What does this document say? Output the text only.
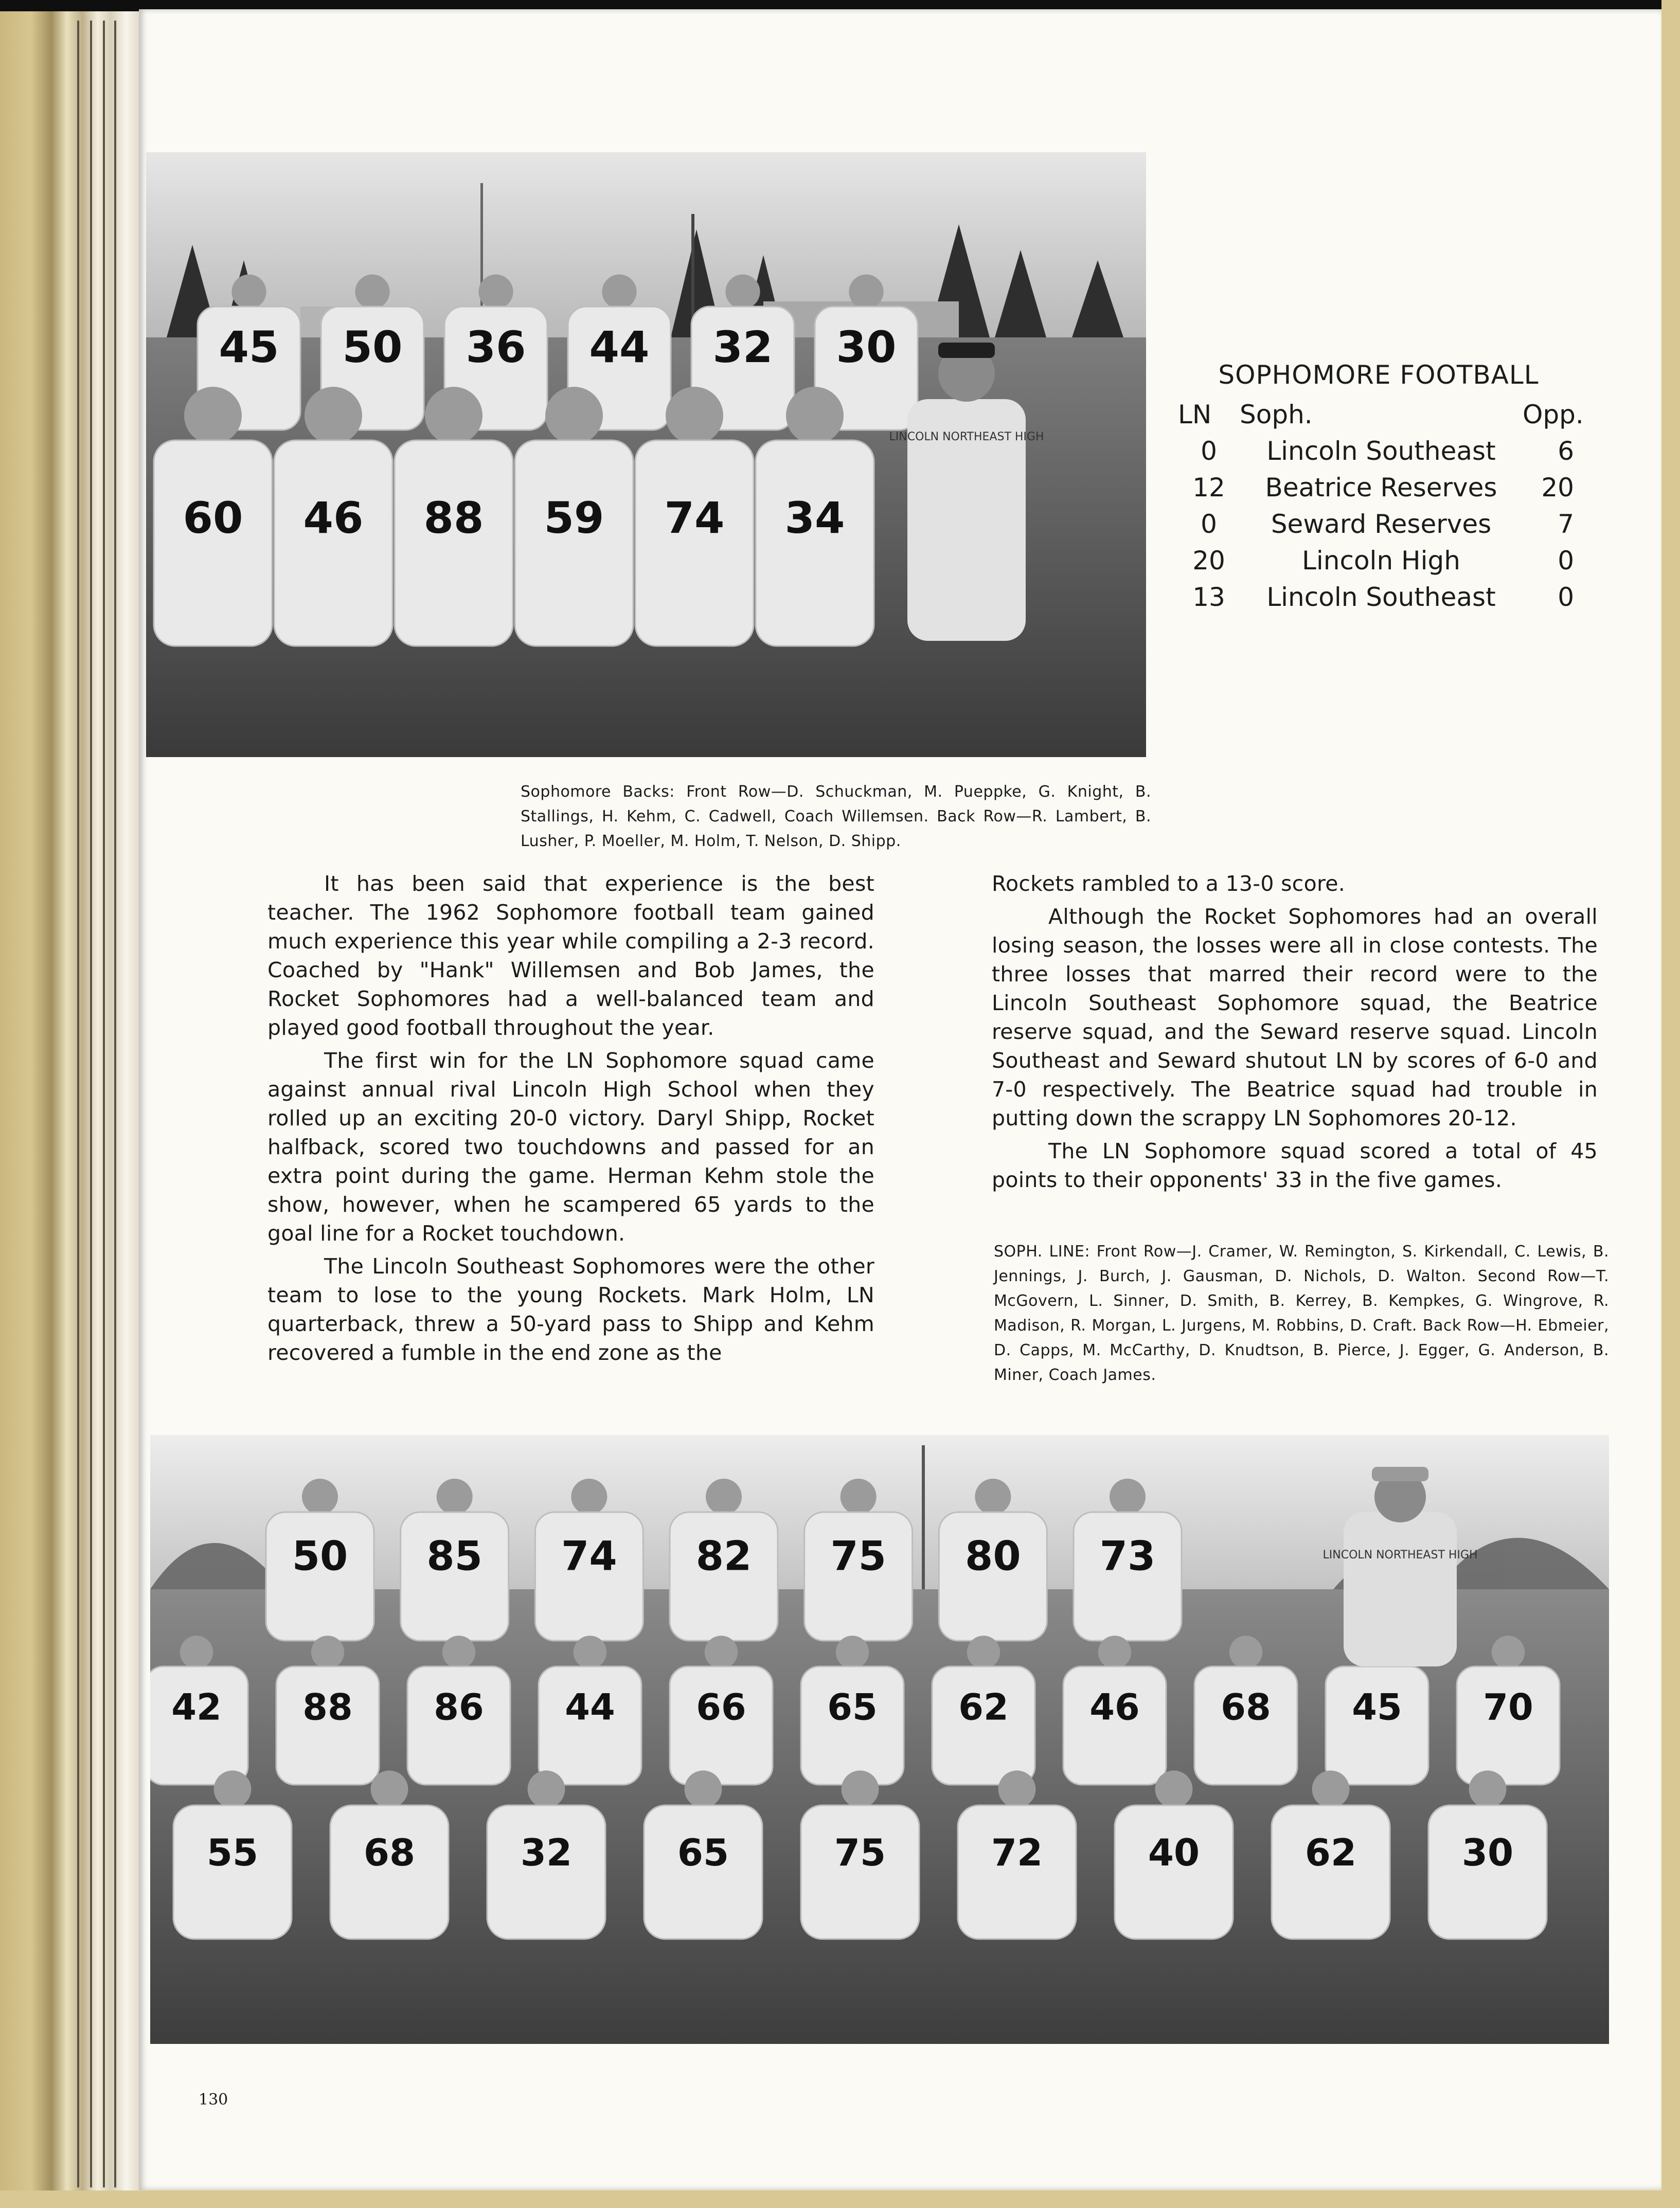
45 50 36 44 32 30
60 46 88 59 74 34
LINCOLN NORTHEAST HIGH
SOPHOMORE FOOTBALL
LN	Soph.	Opp.
0	Lincoln Southeast	6
12	Beatrice Reserves	20
0	Seward Reserves	7
20	Lincoln High	0
13	Lincoln Southeast	0
Sophomore Backs: Front Row—D. Schuckman, M. Pueppke, G. Knight, B. Stallings, H. Kehm, C. Cadwell, Coach Willemsen. Back Row—R. Lambert, B. Lusher, P. Moeller, M. Holm, T. Nelson, D. Shipp.

It has been said that experience is the best teacher. The 1962 Sophomore football team gained much experience this year while compiling a 2-3 record. Coached by "Hank" Willemsen and Bob James, the Rocket Sophomores had a well-balanced team and played good football throughout the year.

The first win for the LN Sophomore squad came against annual rival Lincoln High School when they rolled up an exciting 20-0 victory. Daryl Shipp, Rocket halfback, scored two touchdowns and passed for an extra point during the game. Herman Kehm stole the show, however, when he scampered 65 yards to the goal line for a Rocket touchdown.

The Lincoln Southeast Sophomores were the other team to lose to the young Rockets. Mark Holm, LN quarterback, threw a 50-yard pass to Shipp and Kehm recovered a fumble in the end zone as the

Rockets rambled to a 13-0 score.

Although the Rocket Sophomores had an overall losing season, the losses were all in close contests. The three losses that marred their record were to the Lincoln Southeast Sophomore squad, the Beatrice reserve squad, and the Seward reserve squad. Lincoln Southeast and Seward shutout LN by scores of 6-0 and 7-0 respectively. The Beatrice squad had trouble in putting down the scrappy LN Sophomores 20-12.

The LN Sophomore squad scored a total of 45 points to their opponents' 33 in the five games.

SOPH. LINE: Front Row—J. Cramer, W. Remington, S. Kirkendall, C. Lewis, B. Jennings, J. Burch, J. Gausman, D. Nichols, D. Walton. Second Row—T. McGovern, L. Sinner, D. Smith, B. Kerrey, B. Kempkes, G. Wingrove, R. Madison, R. Morgan, L. Jurgens, M. Robbins, D. Craft. Back Row—H. Ebmeier, D. Capps, M. McCarthy, D. Knudtson, B. Pierce, J. Egger, G. Anderson, B. Miner, Coach James.
50 85 74 82 75 80 73
42 88 86 44 66 65 62 46 68 45 70
55	68	32	65	75	72	40	62	30
LINCOLN NORTHEAST HIGH
130
